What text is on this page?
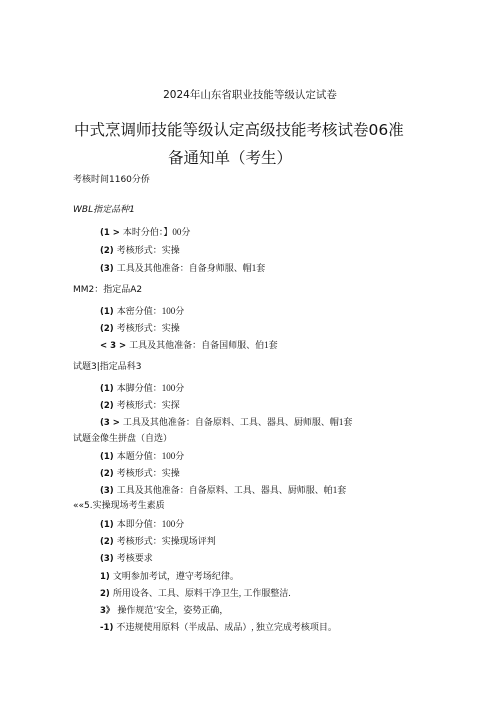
2024年山东省职业技能等级认定试卷
中式烹调师技能等级认定高级技能考核试卷06准
备通知单（考生）
考核时间1160分侨
WBL指定品种1
(1 > 本时分伯：】00分
(2) 考核形式：实操
(3) 工具及其他准备：自备身师服、帽1套
MM2：指定品A2
(1) 本密分值：100分
(2) 考核形式：实操
< 3 > 工具及其他准备：自备国师服、伯1套
试题3|指定品科3
(1) 本脚分值：100分
(2) 考核形式：实探
(3 > 工具及其他准备：自备原料、工具、器具、厨师服、帽1套
试题金像生拼盘（自选）
(1) 本题分值：100分
(2) 考核形式：实操
(3) 工具及其他准备：自备原料、工具、器具、厨师服、帕1套
««5.实操现场考生素质
(1) 本即分值：100分
(2) 考核形式：实操现场评判
(3) 考核要求
1) 文明参加考试，遵守考场纪律。
2) 所用设各、工具、原料干净卫生, 工作服整洁.
3》 操作规范’安全，姿势正确，
-1) 不违规使用原料（半成品、成品）, 独立完成考核项目。
